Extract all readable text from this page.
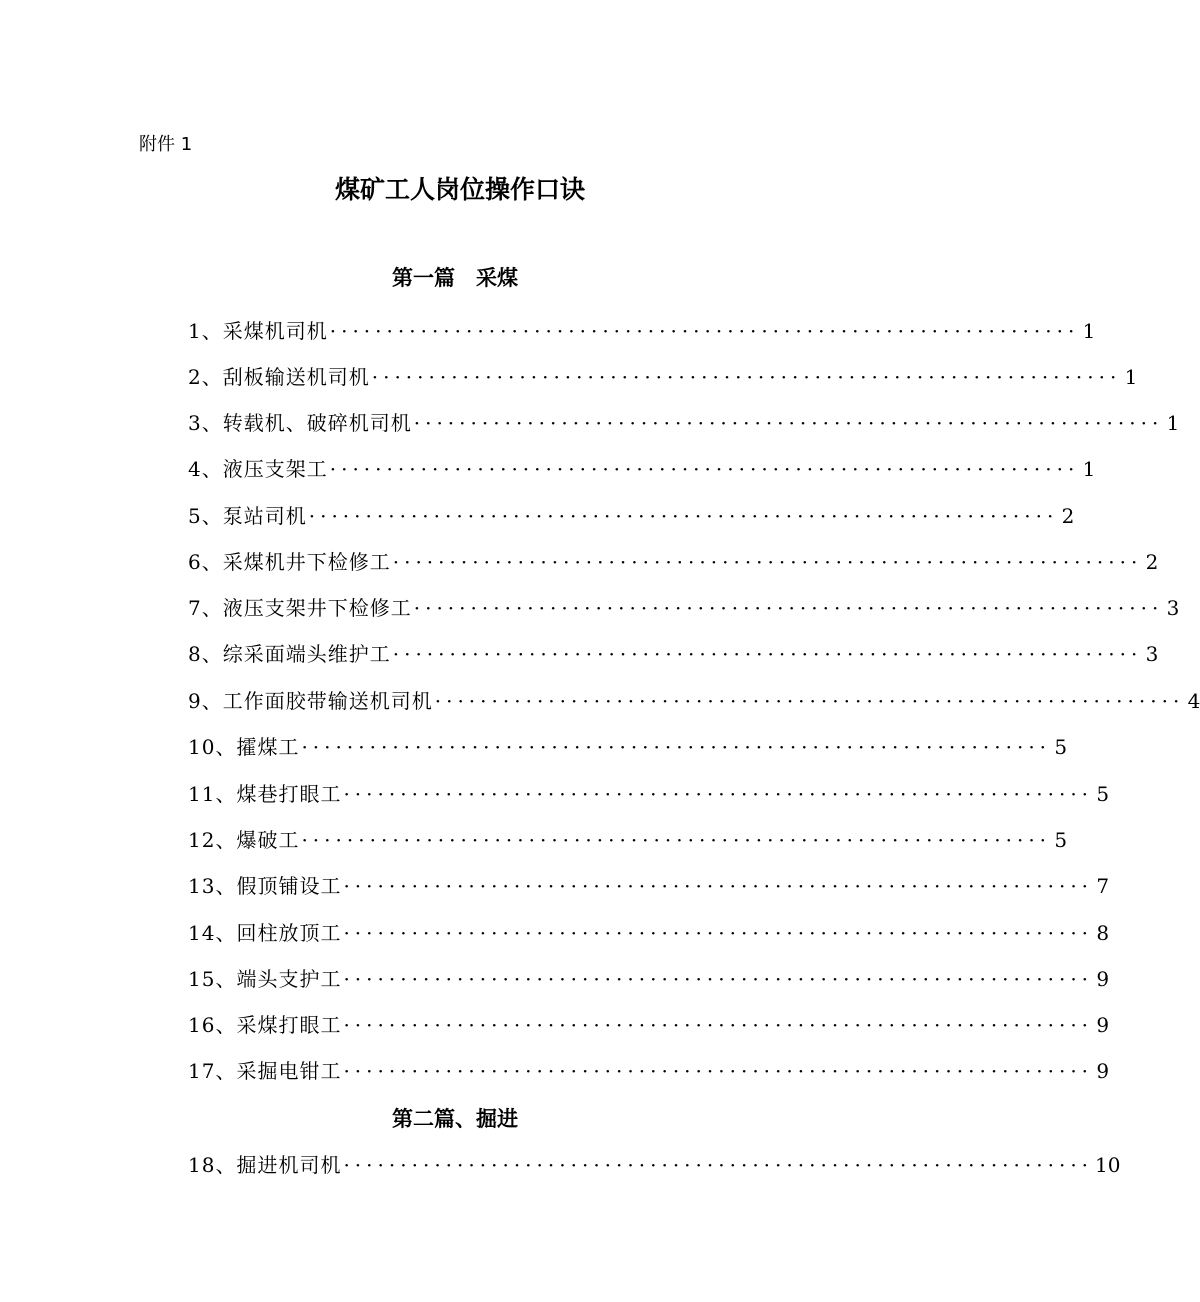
附件 1
煤矿工人岗位操作口诀
第一篇　采煤
1、采煤机司机 ·································································· 1
2、刮板输送机司机 ·································································· 1
3、转载机、破碎机司机 ·································································· 1
4、液压支架工 ·································································· 1
5、泵站司机 ·································································· 2
6、采煤机井下检修工 ·································································· 2
7、液压支架井下检修工 ·································································· 3
8、综采面端头维护工 ·································································· 3
9、工作面胶带输送机司机 ·································································· 4
10、攉煤工 ·································································· 5
11、煤巷打眼工 ·································································· 5
12、爆破工 ·································································· 5
13、假顶铺设工 ·································································· 7
14、回柱放顶工 ·································································· 8
15、端头支护工 ·································································· 9
16、采煤打眼工 ·································································· 9
17、采掘电钳工 ·································································· 9
第二篇、掘进
18、掘进机司机 ·································································· 10
